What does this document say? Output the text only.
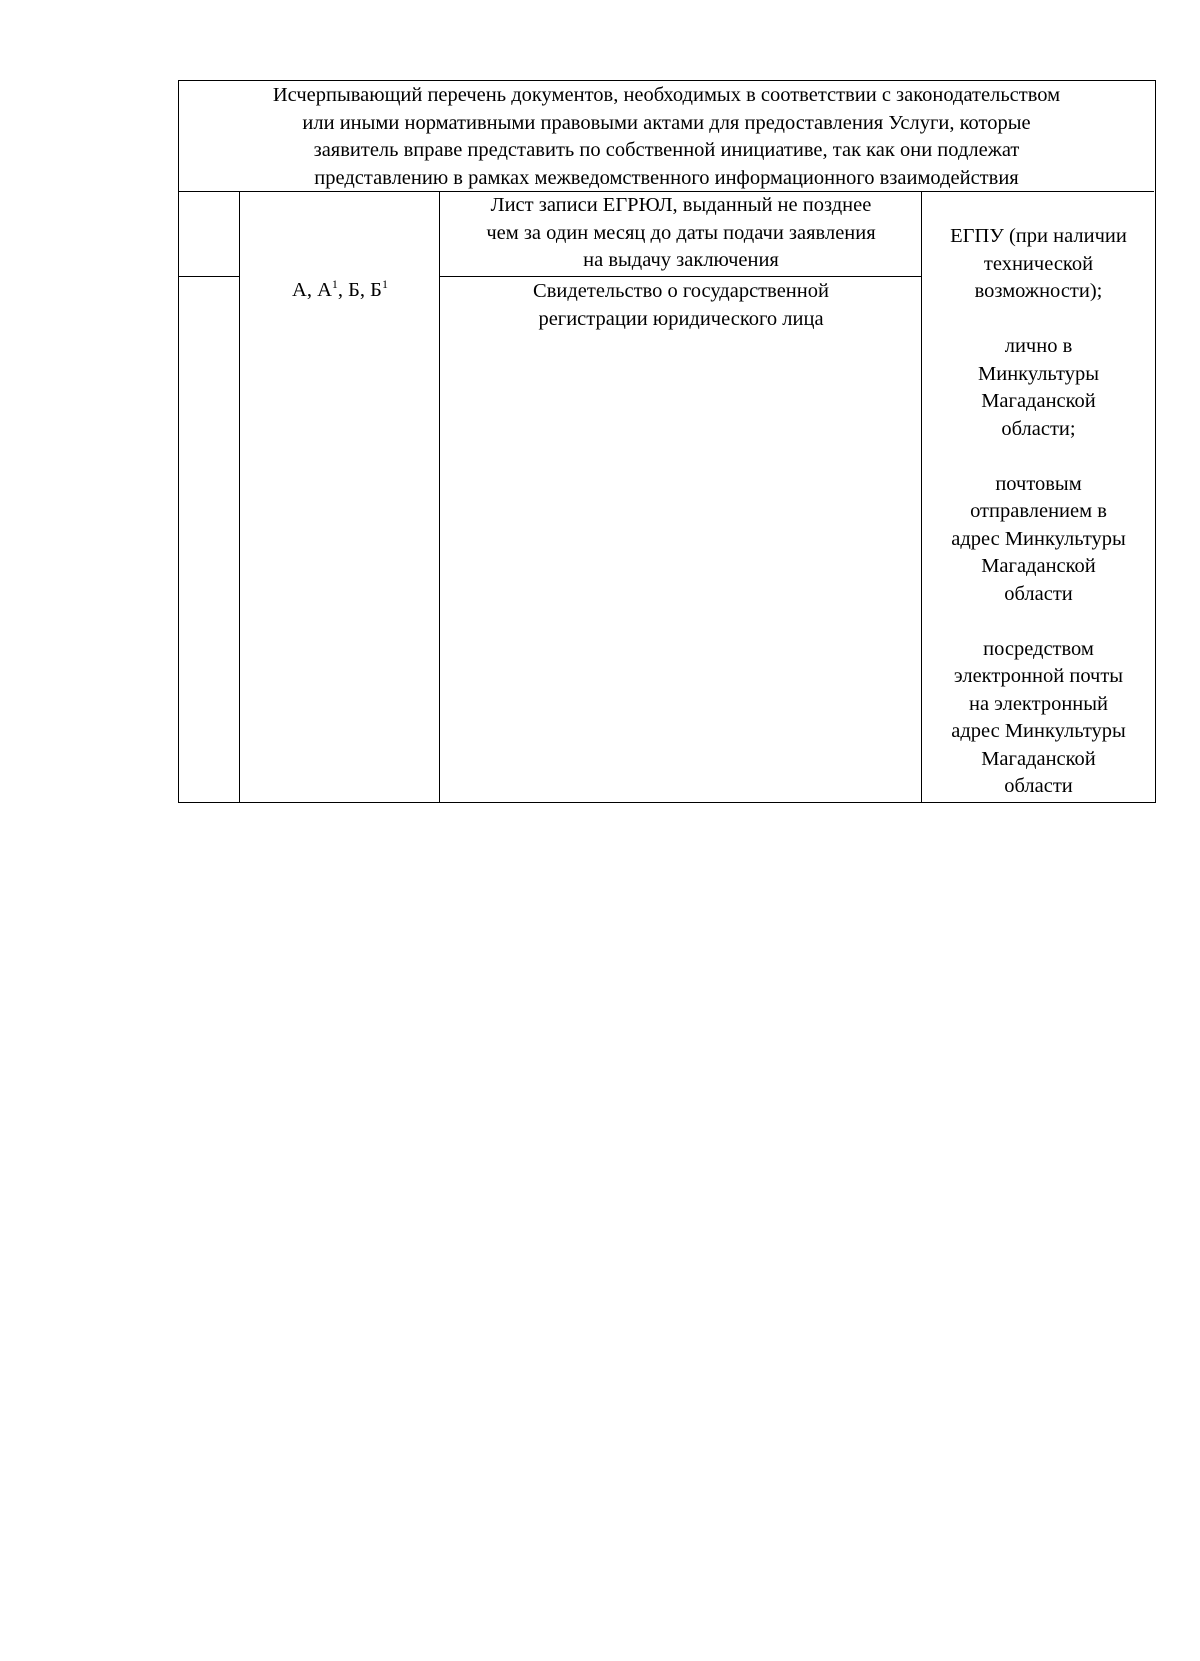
Исчерпывающий перечень документов, необходимых в соответствии с законодательством
или иными нормативными правовыми актами для предоставления Услуги, которые
заявитель вправе представить по собственной инициативе, так как они подлежат
представлению в рамках межведомственного информационного взаимодействия
А, $А^1$, Б, $Б^1$
Лист записи ЕГРЮЛ, выданный не позднее
чем за один месяц до даты подачи заявления
на выдачу заключения
Свидетельство о государственной
регистрации юридического лица
ЕГПУ (при наличии
технической
возможности);
лично в
Минкультуры
Магаданской
области;
почтовым
отправлением в
адрес Минкультуры
Магаданской
области
посредством
электронной почты
на электронный
адрес Минкультуры
Магаданской
области
